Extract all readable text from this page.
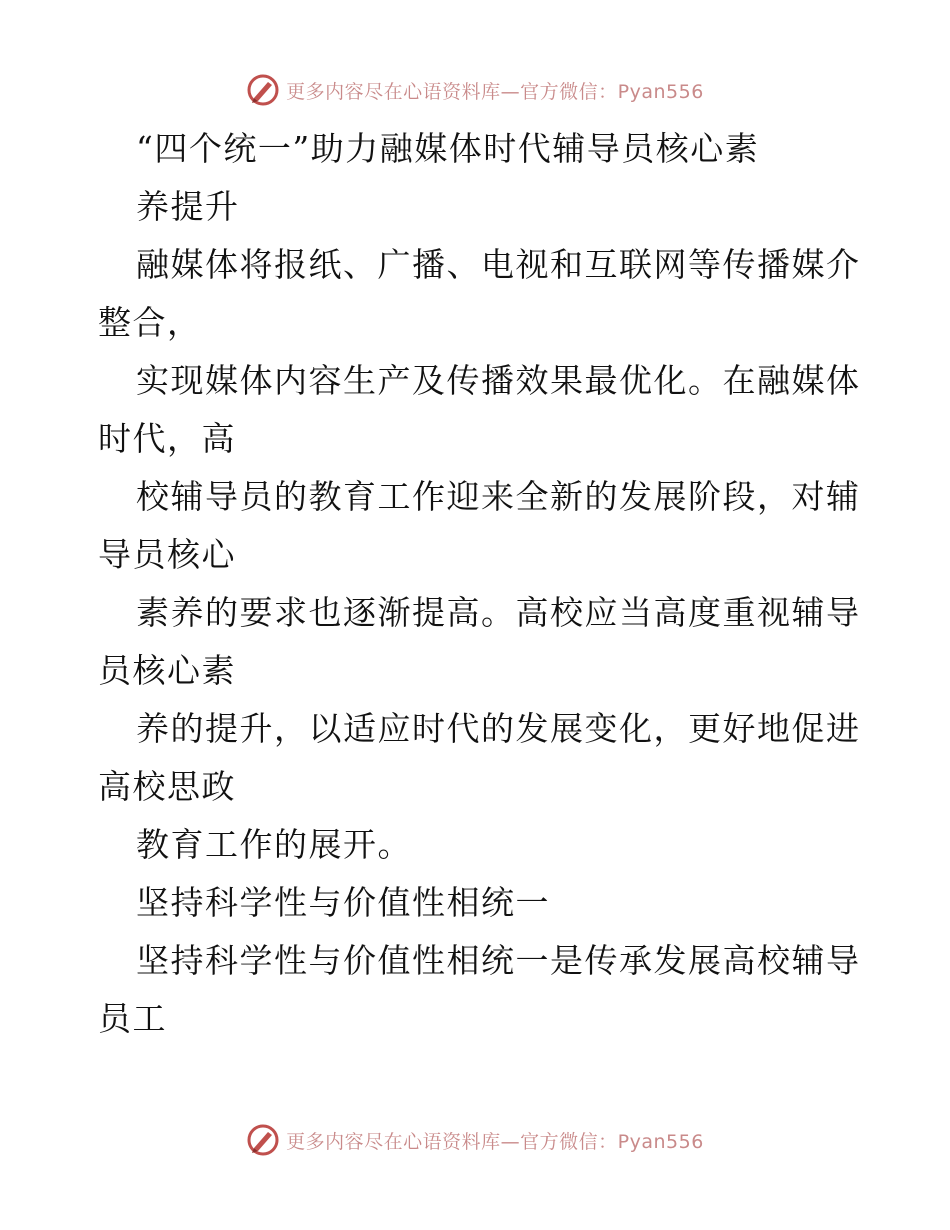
更多内容尽在心语资料库—官方微信：Pyan556
“四个统一”助力融媒体时代辅导员核心素
养提升
融媒体将报纸、广播、电视和互联网等传播媒介
整合，
实现媒体内容生产及传播效果最优化。在融媒体
时代，高
校辅导员的教育工作迎来全新的发展阶段，对辅
导员核心
素养的要求也逐渐提高。高校应当高度重视辅导
员核心素
养的提升，以适应时代的发展变化，更好地促进
高校思政
教育工作的展开。
坚持科学性与价值性相统一
坚持科学性与价值性相统一是传承发展高校辅导
员工
更多内容尽在心语资料库—官方微信：Pyan556
